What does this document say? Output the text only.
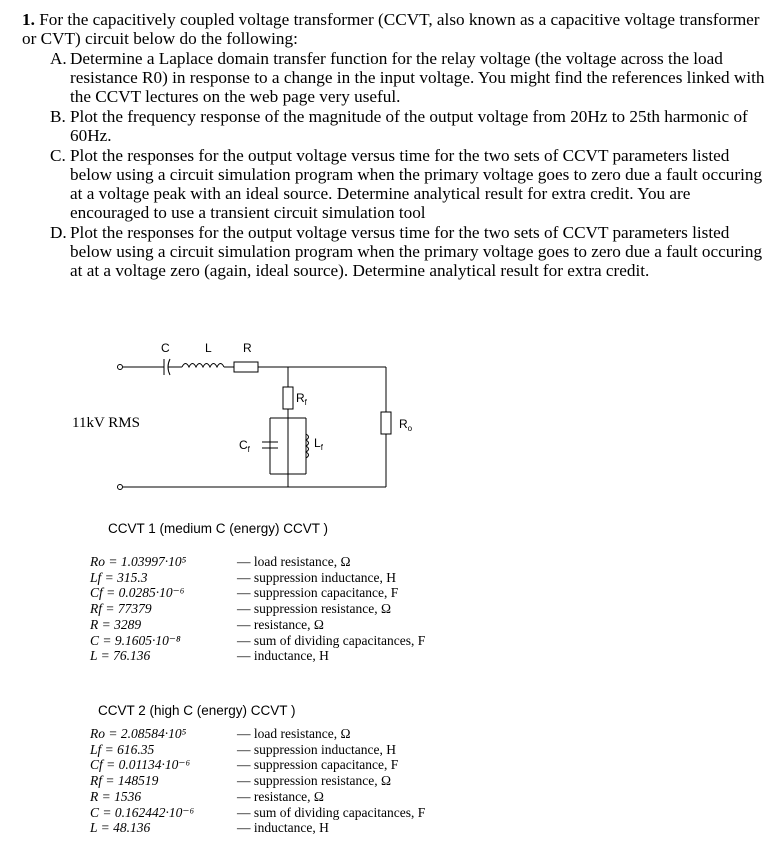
1. For the capacitively coupled voltage transformer (CCVT, also known as a capacitive voltage transformer or CVT) circuit below do the following:

A. Determine a Laplace domain transfer function for the relay voltage (the voltage across the load resistance R0) in response to a change in the input voltage. You might find the references linked with the CCVT lectures on the web page very useful.
B. Plot the frequency response of the magnitude of the output voltage from 20Hz to 25th harmonic of 60Hz.
C. Plot the responses for the output voltage versus time for the two sets of CCVT parameters listed below using a circuit simulation program when the primary voltage goes to zero due a fault occuring at a voltage peak with an ideal source. Determine analytical result for extra credit. You are encouraged to use a transient circuit simulation tool
D. Plot the responses for the output voltage versus time for the two sets of CCVT parameters listed below using a circuit simulation program when the primary voltage goes to zero due a fault occuring at at a voltage zero (again, ideal source). Determine analytical result for extra credit.
C	L	R
$R_f$
$C_f$	$L_f$
$R_o$
11kV RMS
CCVT 1 (medium C (energy) CCVT )
Ro = 1.03997·10⁵	— load resistance, Ω
Lf = 315.3	— suppression inductance, H
Cf = 0.0285·10⁻⁶	— suppression capacitance, F
Rf = 77379	— suppression resistance, Ω
R = 3289	— resistance, Ω
C = 9.1605·10⁻⁸	— sum of dividing capacitances, F
L = 76.136	— inductance, H
CCVT 2 (high C (energy) CCVT )
Ro = 2.08584·10⁵	— load resistance, Ω
Lf = 616.35	— suppression inductance, H
Cf = 0.01134·10⁻⁶	— suppression capacitance, F
Rf = 148519	— suppression resistance, Ω
R = 1536	— resistance, Ω
C = 0.162442·10⁻⁶	— sum of dividing capacitances, F
L = 48.136	— inductance, H
